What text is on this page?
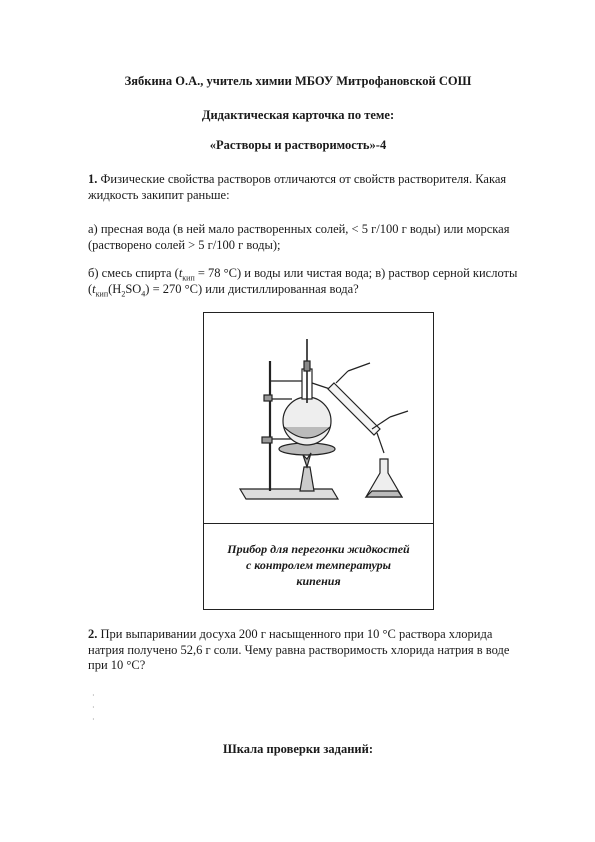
Зябкина О.А., учитель химии МБОУ Митрофановской СОШ
Дидактическая карточка по теме:
«Растворы и растворимость»-4
1. Физические свойства растворов отличаются от свойств растворителя. Какая жидкость закипит раньше:
а) пресная вода (в ней мало растворенных солей, < 5 г/100 г воды) или морская (растворено солей > 5 г/100 г воды);
б) смесь спирта ($t_{кип} = 78$ °С) и воды или чистая вода; в) раствор серной кислоты ($t_{кип}(H_2SO_4) = 270$ °С) или дистиллированная вода?
Прибор для перегонки жидкостей
с контролем температуры
кипения
2. При выпаривании досуха 200 г насыщенного при 10 °С раствора хлорида натрия получено 52,6 г соли. Чему равна растворимость хлорида натрия в воде при 10 °С?
·
·
·
Шкала проверки заданий:
